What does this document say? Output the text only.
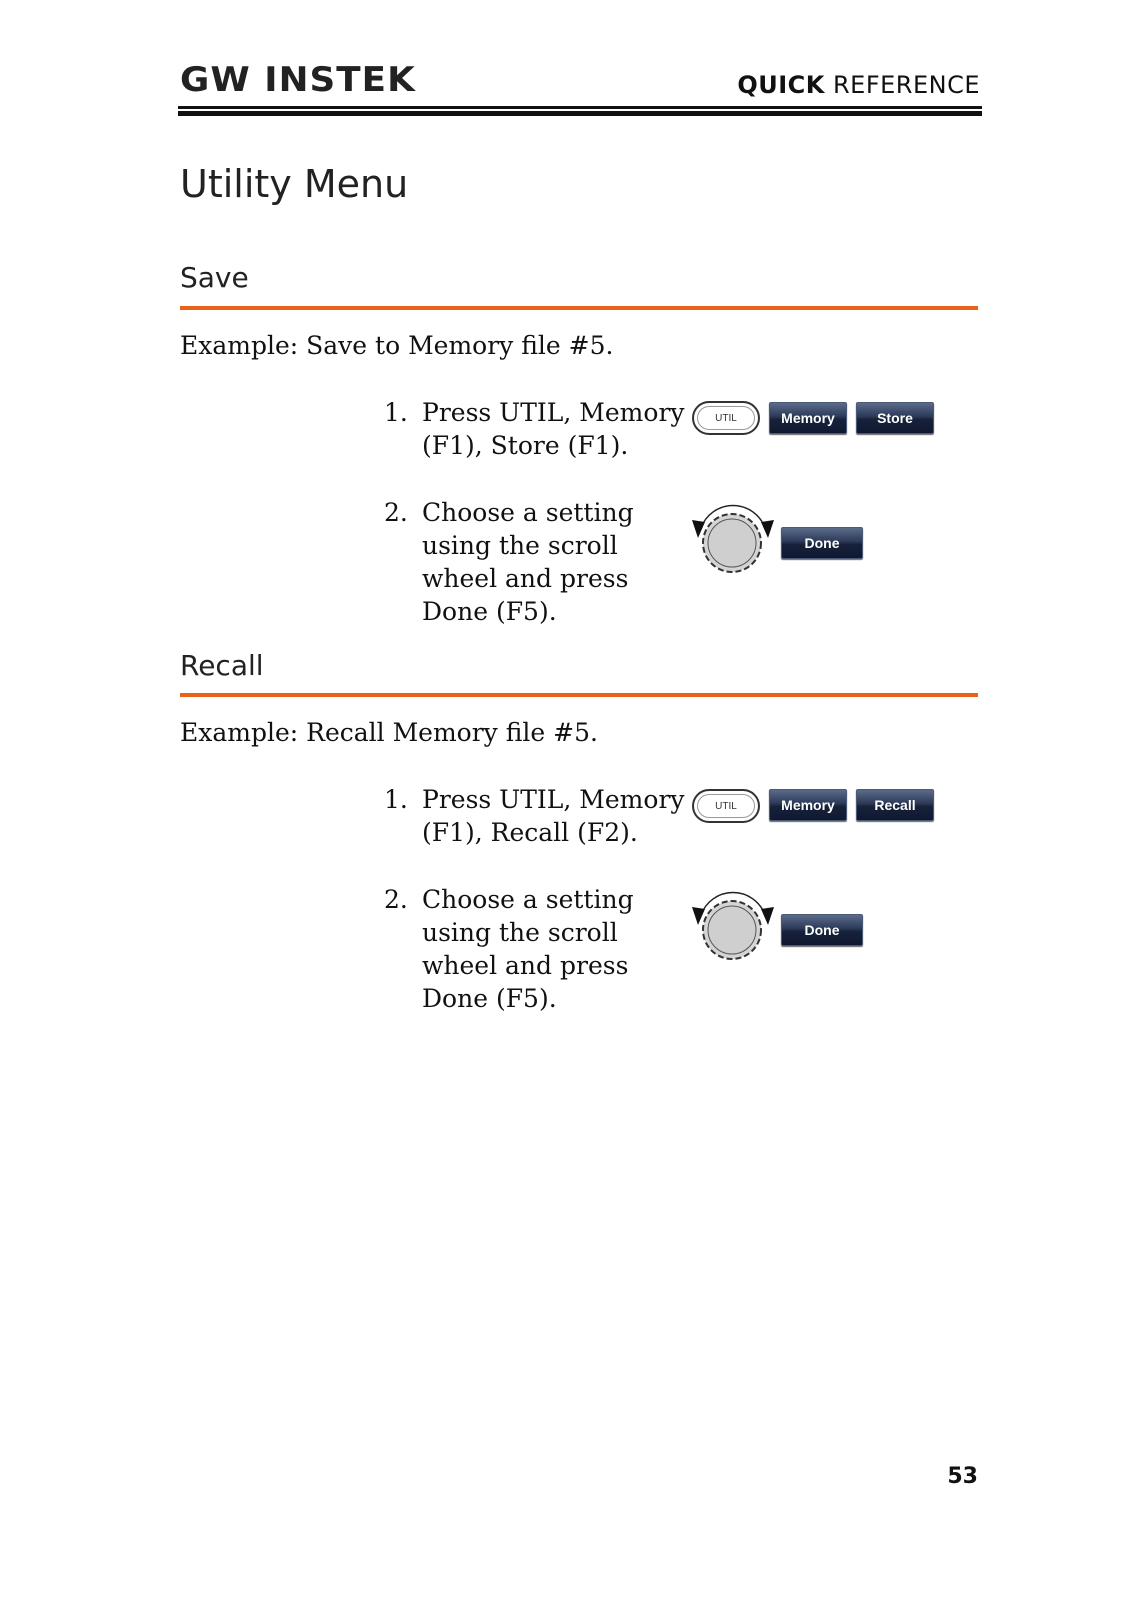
GW INSTEK	QUICK REFERENCE
Utility Menu
Save
Example: Save to Memory file #5.
1. Press UTIL, Memory (F1), Store (F1).
UTIL	Memory	Store
2. Choose a setting using the scroll wheel and press Done (F5).
Done
Recall
Example: Recall Memory file #5.
1. Press UTIL, Memory (F1), Recall (F2).
UTIL	Memory	Recall
2. Choose a setting using the scroll wheel and press Done (F5).
Done
53
